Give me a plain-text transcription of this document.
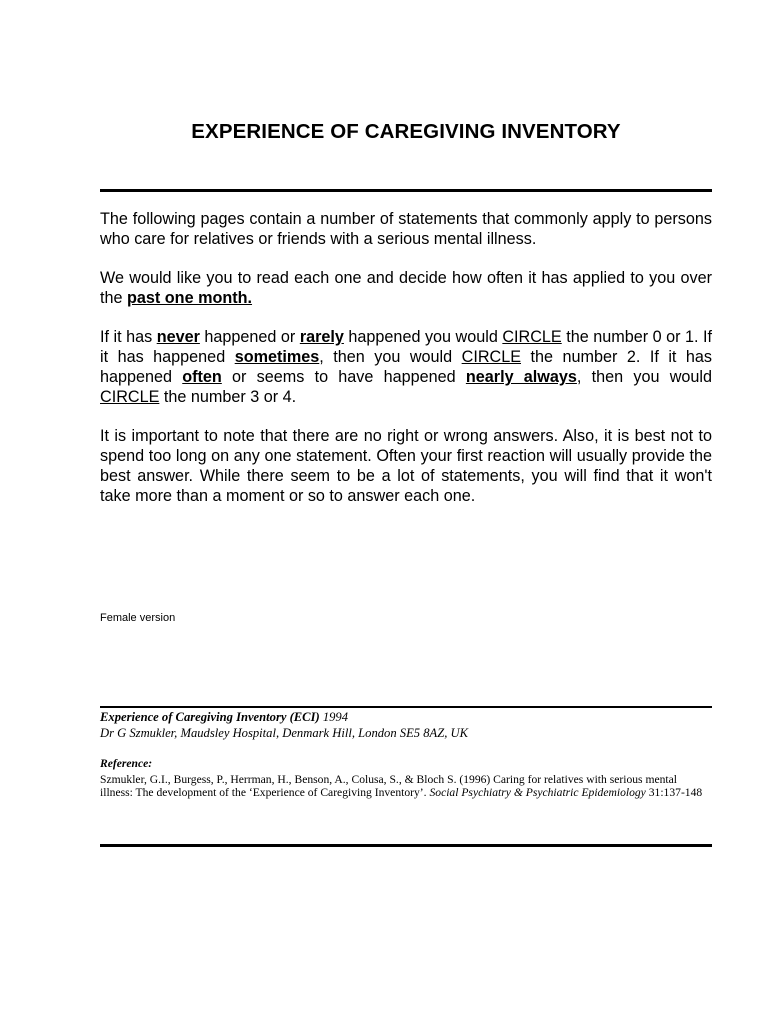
EXPERIENCE OF CAREGIVING INVENTORY

The following pages contain a number of statements that commonly apply to persons who care for relatives or friends with a serious mental illness.

We would like you to read each one and decide how often it has applied to you over the past one month.

If it has never happened or rarely happened you would CIRCLE the number 0 or 1. If it has happened sometimes, then you would CIRCLE the number 2. If it has happened often or seems to have happened nearly always, then you would CIRCLE the number 3 or 4.

It is important to note that there are no right or wrong answers. Also, it is best not to spend too long on any one statement. Often your first reaction will usually provide the best answer. While there seem to be a lot of statements, you will find that it won't take more than a moment or so to answer each one.

Female version

Experience of Caregiving Inventory (ECI) 1994
Dr G Szmukler, Maudsley Hospital, Denmark Hill, London SE5 8AZ, UK
Reference:
Szmukler, G.I., Burgess, P., Herrman, H., Benson, A., Colusa, S., & Bloch S. (1996) Caring for relatives with serious mental illness: The development of the ‘Experience of Caregiving Inventory’. Social Psychiatry & Psychiatric Epidemiology 31:137-148
